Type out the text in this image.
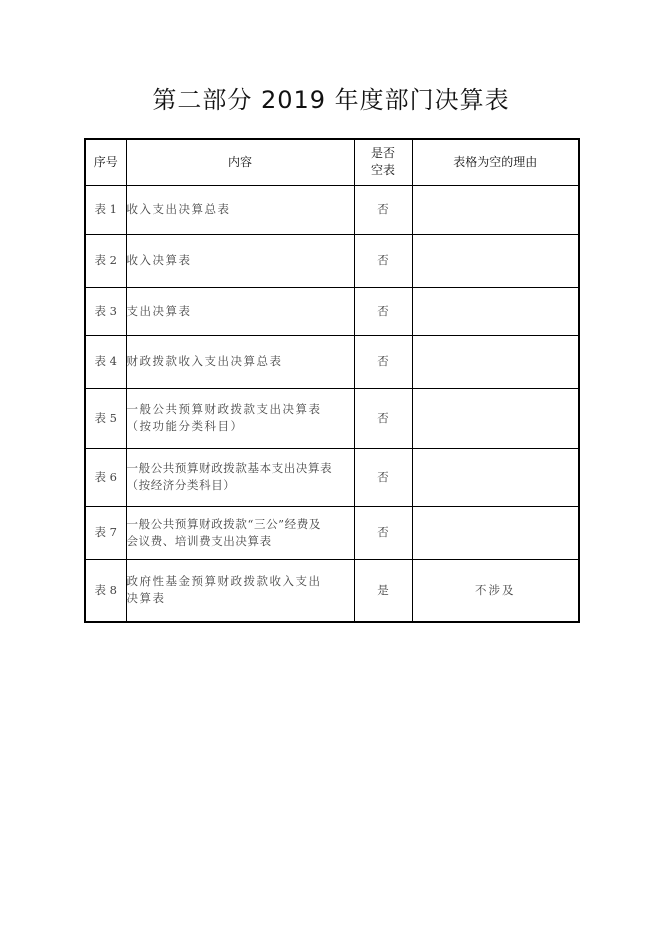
第二部分 2019 年度部门决算表
序号	内容	是否
空表	表格为空的理由
表 1	收入支出决算总表	否	
表 2	收入决算表	否	
表 3	支出决算表	否	
表 4	财政拨款收入支出决算总表	否	
表 5	一般公共预算财政拨款支出决算表
（按功能分类科目）	否	
表 6	一般公共预算财政拨款基本支出决算表
（按经济分类科目）	否	
表 7	一般公共预算财政拨款“三公”经费及
会议费、培训费支出决算表	否	
表 8	政府性基金预算财政拨款收入支出
决算表	是	不涉及
